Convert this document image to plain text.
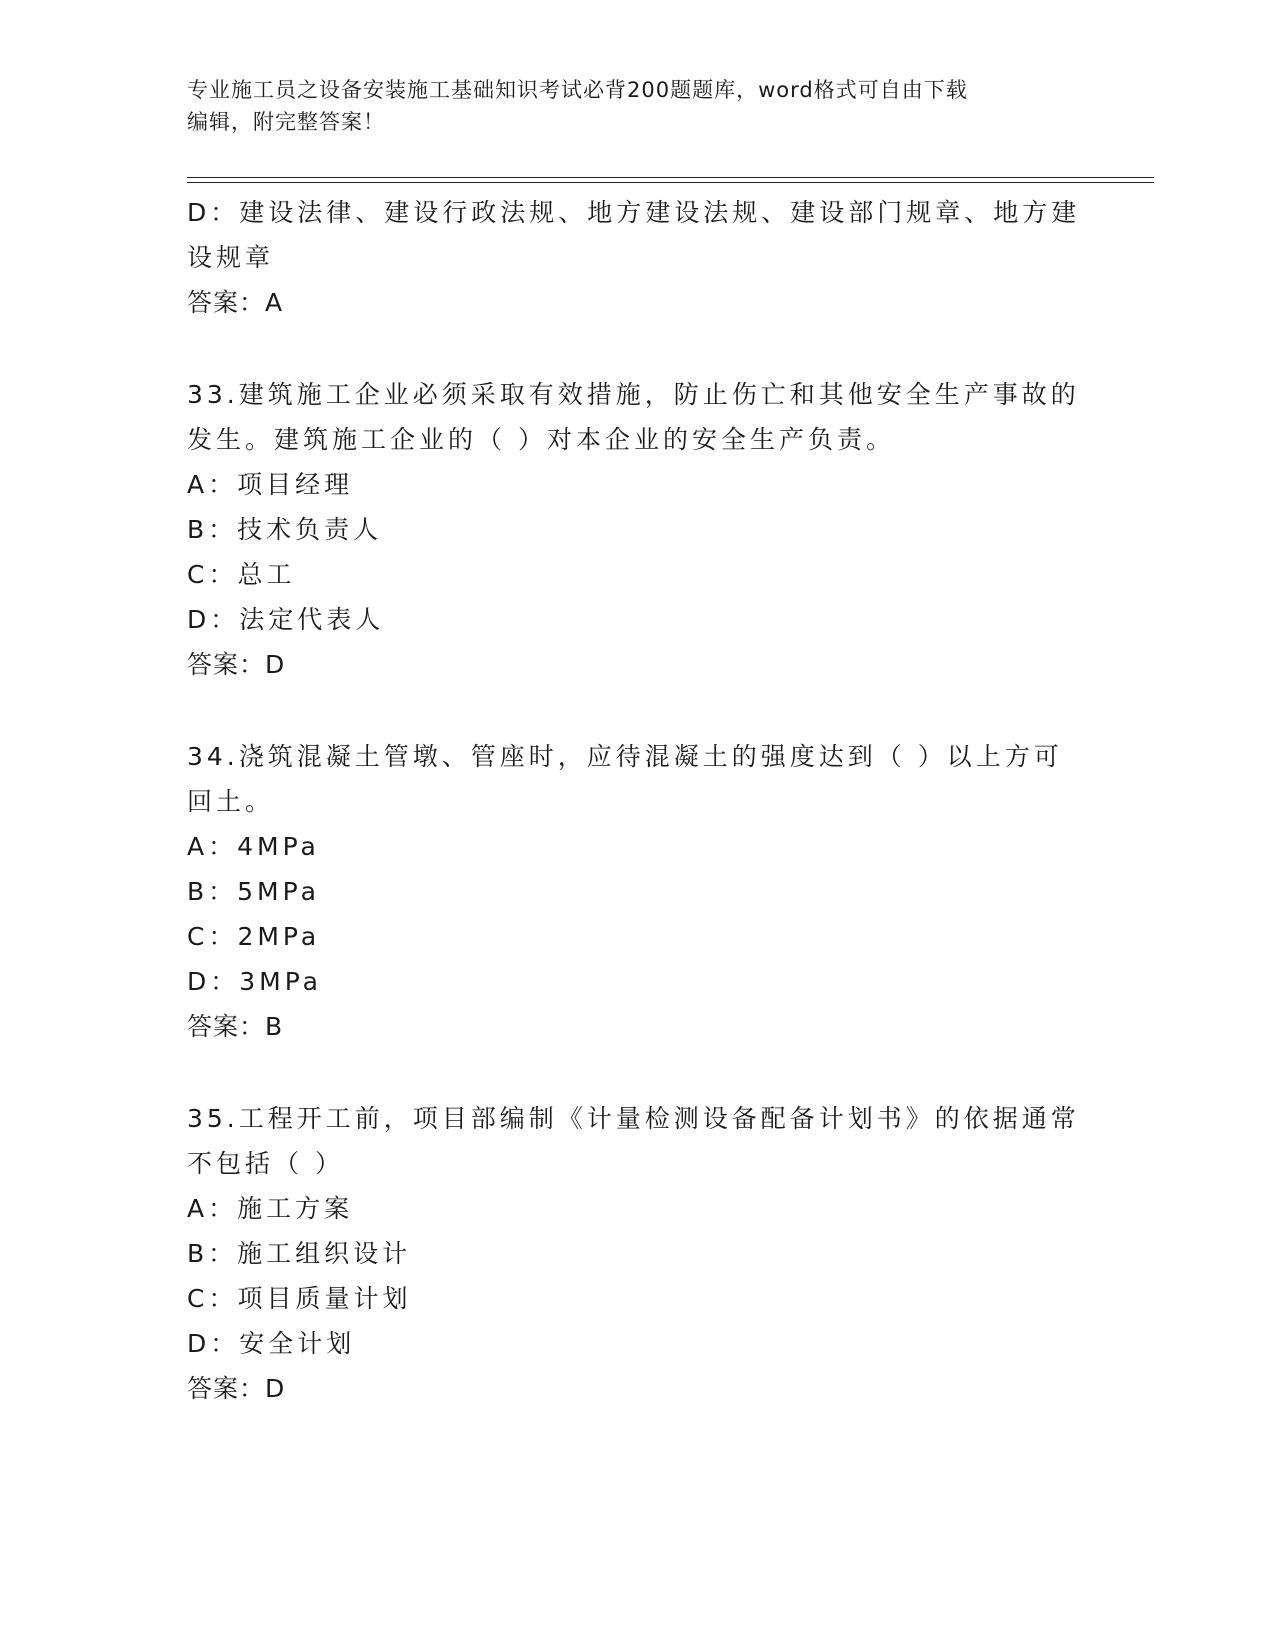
专业施工员之设备安装施工基础知识考试必背200题题库，word格式可自由下载
编辑，附完整答案！
D：建设法律、建设行政法规、地方建设法规、建设部门规章、地方建
设规章
答案：A
33.建筑施工企业必须采取有效措施，防止伤亡和其他安全生产事故的
发生。建筑施工企业的（ ）对本企业的安全生产负责。
A：项目经理
B：技术负责人
C：总工
D：法定代表人
答案：D
34.浇筑混凝土管墩、管座时，应待混凝土的强度达到（ ）以上方可
回土。
A：4MPa
B：5MPa
C：2MPa
D：3MPa
答案：B
35.工程开工前，项目部编制《计量检测设备配备计划书》的依据通常
不包括（ ）
A：施工方案
B：施工组织设计
C：项目质量计划
D：安全计划
答案：D
